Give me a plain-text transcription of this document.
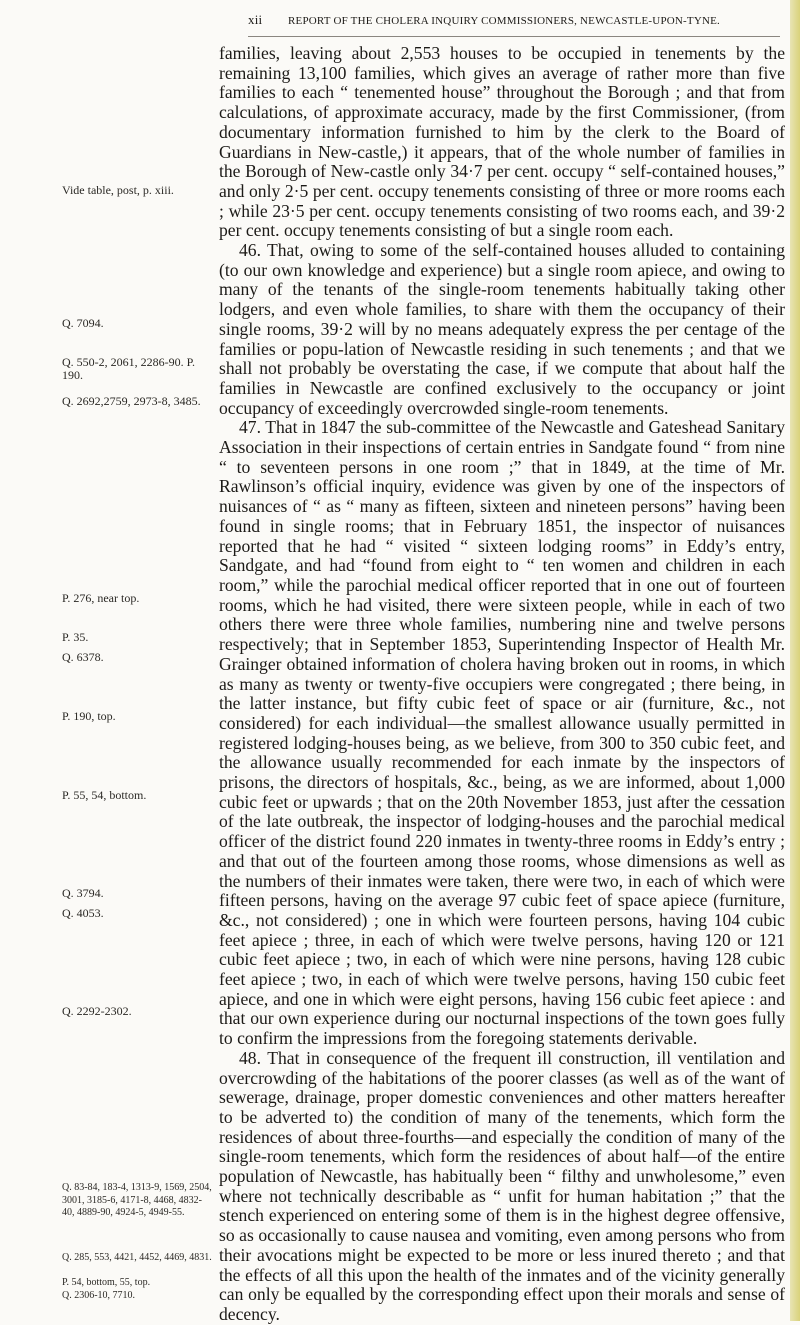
xii	REPORT OF THE CHOLERA INQUIRY COMMISSIONERS, NEWCASTLE-UPON-TYNE.
Vide table, post, p. xiii.
Q. 7094.
Q. 550-2, 2061, 2286-90. P. 190.
Q. 2692,2759, 2973-8, 3485.
P. 276, near top.
P. 35.
Q. 6378.
P. 190, top.
P. 55, 54, bottom.
Q. 3794.
Q. 4053.
Q. 2292-2302.
Q. 83-84, 183-4, 1313-9, 1569, 2504, 3001, 3185-6, 4171-8, 4468, 4832-40, 4889-90, 4924-5, 4949-55.
Q. 285, 553, 4421, 4452, 4469, 4831.
P. 54, bottom, 55, top.
Q. 2306-10, 7710.

families, leaving about 2,553 houses to be occupied in tenements by the remaining 13,100 families, which gives an average of rather more than five families to each “ tenemented house” throughout the Borough ; and that from calculations, of approximate accuracy, made by the first Commissioner, (from documentary information furnished to him by the clerk to the Board of Guardians in New-castle,) it appears, that of the whole number of families in the Borough of New-castle only 34·7 per cent. occupy “ self-contained houses,” and only 2·5 per cent. occupy tenements consisting of three or more rooms each ; while 23·5 per cent. occupy tenements consisting of two rooms each, and 39·2 per cent. occupy tenements consisting of but a single room each.

46. That, owing to some of the self-contained houses alluded to containing (to our own knowledge and experience) but a single room apiece, and owing to many of the tenants of the single-room tenements habitually taking other lodgers, and even whole families, to share with them the occupancy of their single rooms, 39·2 will by no means adequately express the per centage of the families or popu-lation of Newcastle residing in such tenements ; and that we shall not probably be overstating the case, if we compute that about half the families in Newcastle are confined exclusively to the occupancy or joint occupancy of exceedingly overcrowded single-room tenements.

47. That in 1847 the sub-committee of the Newcastle and Gateshead Sanitary Association in their inspections of certain entries in Sandgate found “ from nine “ to seventeen persons in one room ;” that in 1849, at the time of Mr. Rawlinson’s official inquiry, evidence was given by one of the inspectors of nuisances of “ as “ many as fifteen, sixteen and nineteen persons” having been found in single rooms; that in February 1851, the inspector of nuisances reported that he had “ visited “ sixteen lodging rooms” in Eddy’s entry, Sandgate, and had “found from eight to “ ten women and children in each room,” while the parochial medical officer reported that in one out of fourteen rooms, which he had visited, there were sixteen people, while in each of two others there were three whole families, numbering nine and twelve persons respectively; that in September 1853, Superintending Inspector of Health Mr. Grainger obtained information of cholera having broken out in rooms, in which as many as twenty or twenty-five occupiers were congregated ; there being, in the latter instance, but fifty cubic feet of space or air (furniture, &c., not considered) for each individual—the smallest allowance usually permitted in registered lodging-houses being, as we believe, from 300 to 350 cubic feet, and the allowance usually recommended for each inmate by the inspectors of prisons, the directors of hospitals, &c., being, as we are informed, about 1,000 cubic feet or upwards ; that on the 20th November 1853, just after the cessation of the late outbreak, the inspector of lodging-houses and the parochial medical officer of the district found 220 inmates in twenty-three rooms in Eddy’s entry ; and that out of the fourteen among those rooms, whose dimensions as well as the numbers of their inmates were taken, there were two, in each of which were fifteen persons, having on the average 97 cubic feet of space apiece (furniture, &c., not considered) ; one in which were fourteen persons, having 104 cubic feet apiece ; three, in each of which were twelve persons, having 120 or 121 cubic feet apiece ; two, in each of which were nine persons, having 128 cubic feet apiece ; two, in each of which were twelve persons, having 150 cubic feet apiece, and one in which were eight persons, having 156 cubic feet apiece : and that our own experience during our nocturnal inspections of the town goes fully to confirm the impressions from the foregoing statements derivable.

48. That in consequence of the frequent ill construction, ill ventilation and overcrowding of the habitations of the poorer classes (as well as of the want of sewerage, drainage, proper domestic conveniences and other matters hereafter to be adverted to) the condition of many of the tenements, which form the residences of about three-fourths—and especially the condition of many of the single-room tenements, which form the residences of about half—of the entire population of Newcastle, has habitually been “ filthy and unwholesome,” even where not technically describable as “ unfit for human habitation ;” that the stench experienced on entering some of them is in the highest degree offensive, so as occasionally to cause nausea and vomiting, even among persons who from their avocations might be expected to be more or less inured thereto ; and that the effects of all this upon the health of the inmates and of the vicinity generally can only be equalled by the corresponding effect upon their morals and sense of decency.
